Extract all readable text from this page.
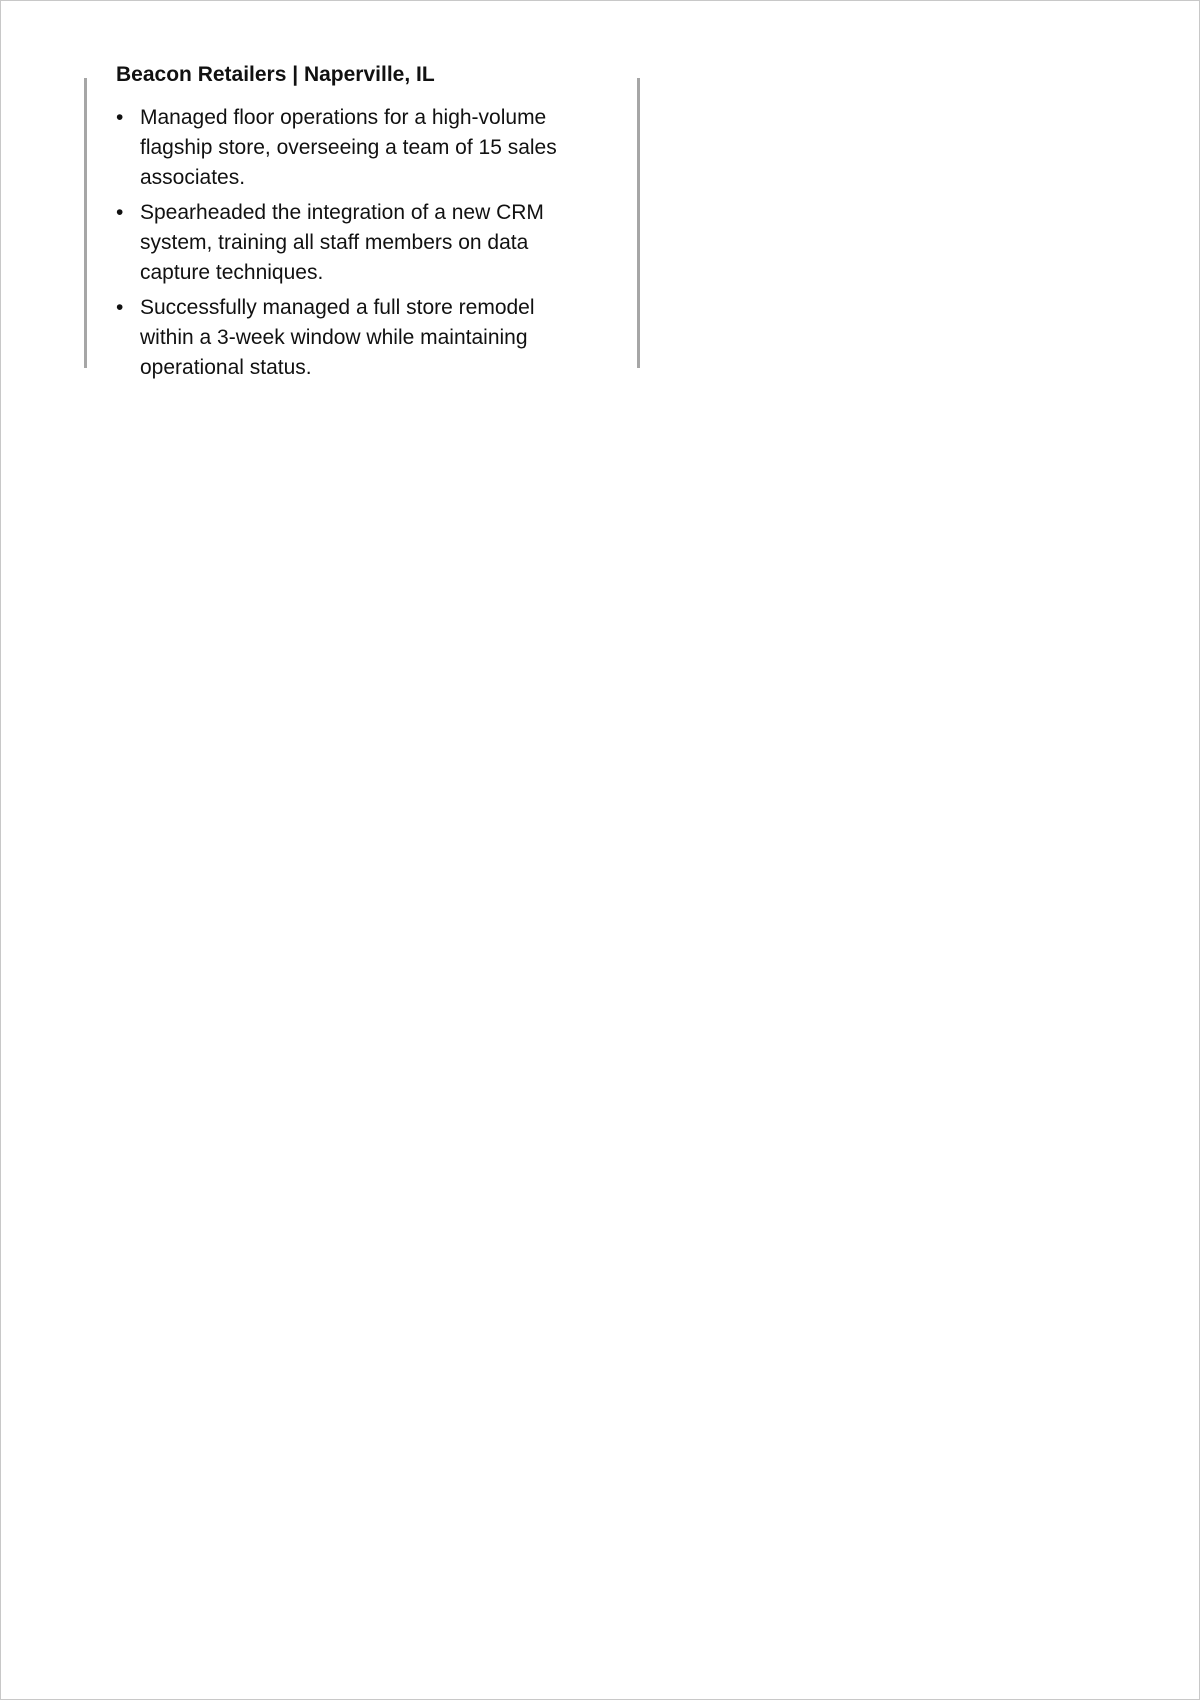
Beacon Retailers | Naperville, IL
• Managed floor operations for a high-volume flagship store, overseeing a team of 15 sales associates.
• Spearheaded the integration of a new CRM system, training all staff members on data capture techniques.
• Successfully managed a full store remodel within a 3-week window while maintaining operational status.
